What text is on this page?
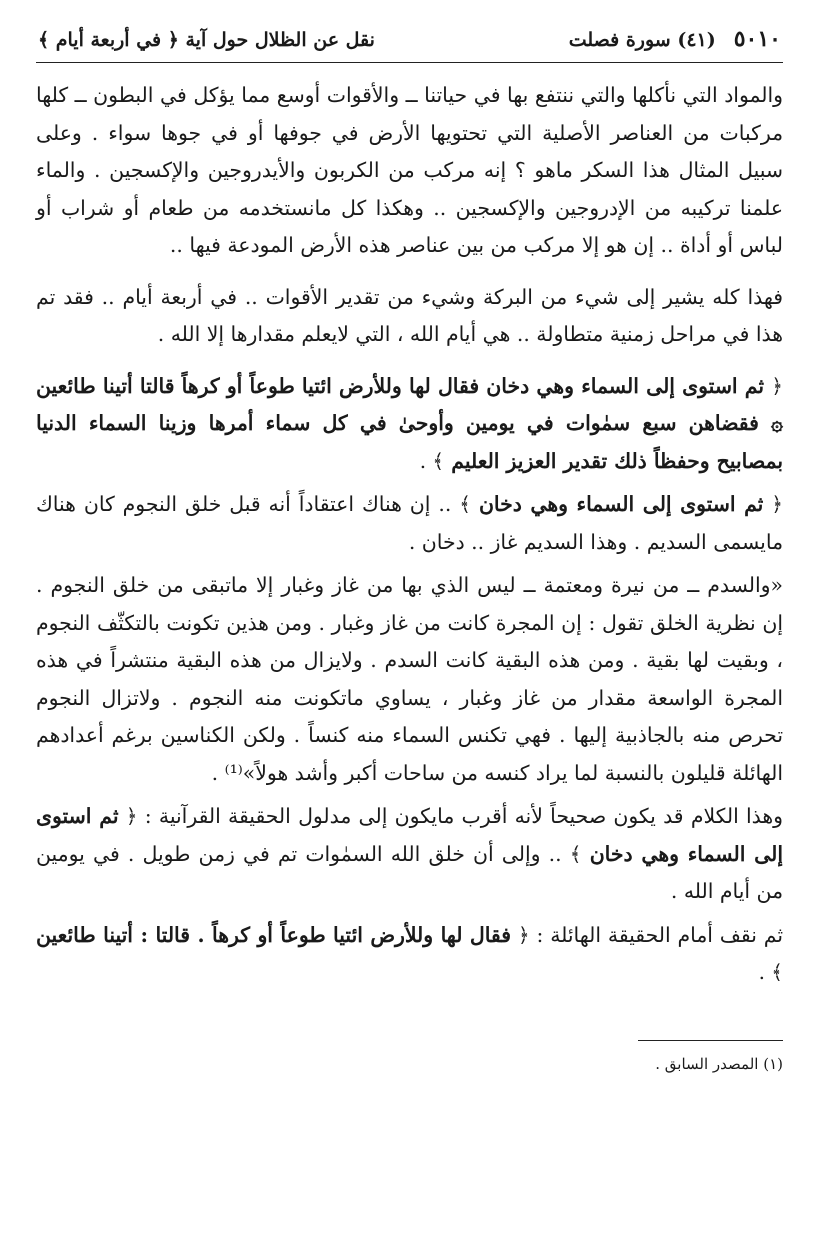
٥٠١٠
(٤١) سورة فصلت
نقل عن الظلال حول آية ﴿ في أربعة أيام ﴾

والمواد التي نأكلها والتي ننتفع بها في حياتنا ــ والأقوات أوسع مما يؤكل في البطون ــ كلها مركبات من العناصر الأصلية التي تحتويها الأرض في جوفها أو في جوها سواء . وعلى سبيل المثال هذا السكر ماهو ؟ إنه مركب من الكربون والأيدروجين والإكسجين . والماء علمنا تركيبه من الإدروجين والإكسجين .. وهكذا كل مانستخدمه من طعام أو شراب أو لباس أو أداة .. إن هو إلا مركب من بين عناصر هذه الأرض المودعة فيها ..

فهذا كله يشير إلى شيء من البركة وشيء من تقدير الأقوات .. في أربعة أيام .. فقد تم هذا في مراحل زمنية متطاولة .. هي أيام الله ، التي لايعلم مقدارها إلا الله .

﴿ ثم استوى إلى السماء وهي دخان فقال لها وللأرض ائتيا طوعاً أو كرهاً قالتا أتينا طائعين ۞ فقضاهن سبع سمٰوات في يومين وأوحىٰ في كل سماء أمرها وزينا السماء الدنيا بمصابيح وحفظاً ذلك تقدير العزيز العليم ﴾ .

﴿ ثم استوى إلى السماء وهي دخان ﴾ .. إن هناك اعتقاداً أنه قبل خلق النجوم كان هناك مايسمى السديم . وهذا السديم غاز .. دخان .

«والسدم ــ من نيرة ومعتمة ــ ليس الذي بها من غاز وغبار إلا ماتبقى من خلق النجوم . إن نظرية الخلق تقول : إن المجرة كانت من غاز وغبار . ومن هذين تكونت بالتكثّف النجوم ، وبقيت لها بقية . ومن هذه البقية كانت السدم . ولايزال من هذه البقية منتشراً في هذه المجرة الواسعة مقدار من غاز وغبار ، يساوي ماتكونت منه النجوم . ولاتزال النجوم تحرص منه بالجاذبية إليها . فهي تكنس السماء منه كنساً . ولكن الكناسين برغم أعدادهم الهائلة قليلون بالنسبة لما يراد كنسه من ساحات أكبر وأشد هولاً»⁽¹⁾ .

وهذا الكلام قد يكون صحيحاً لأنه أقرب مايكون إلى مدلول الحقيقة القرآنية : ﴿ ثم استوى إلى السماء وهي دخان ﴾ .. وإلى أن خلق الله السمٰوات تم في زمن طويل . في يومين من أيام الله .

ثم نقف أمام الحقيقة الهائلة : ﴿ فقال لها وللأرض ائتيا طوعاً أو كرهاً . قالتا : أتينا طائعين ﴾ .

(١) المصدر السابق .
